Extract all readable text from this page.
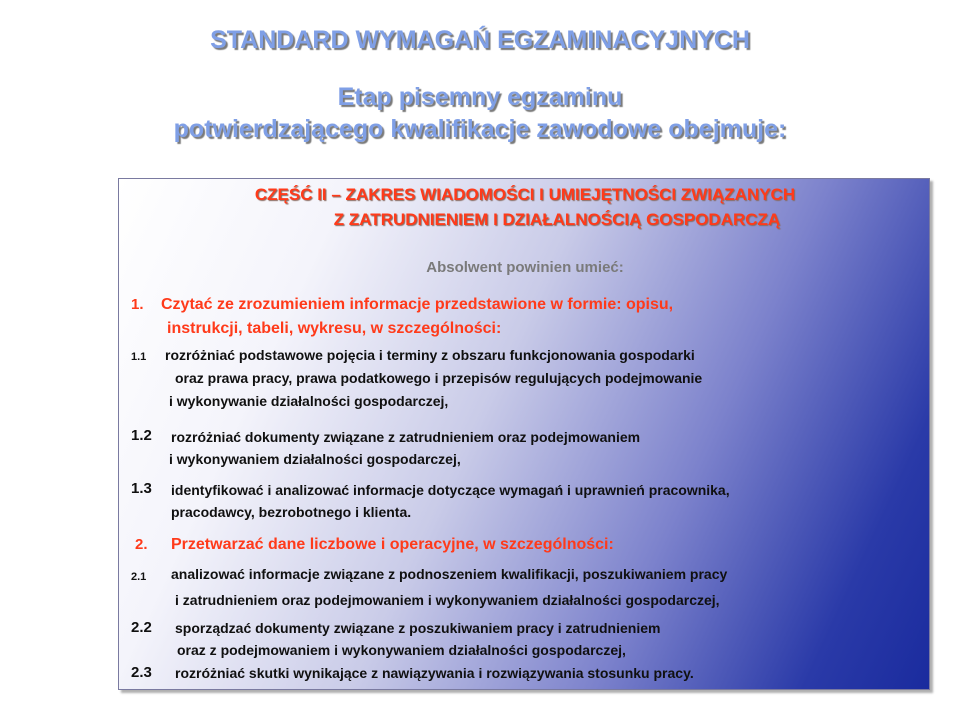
STANDARD WYMAGAŃ EGZAMINACYJNYCH
Etap pisemny egzaminu
potwierdzającego kwalifikacje zawodowe obejmuje:

CZĘŚĆ II – ZAKRES WIADOMOŚCI I UMIEJĘTNOŚCI ZWIĄZANYCH

Z ZATRUDNIENIEM I DZIAŁALNOŚCIĄ GOSPODARCZĄ

Absolwent powinien umieć:

1. Czytać ze zrozumieniem informacje przedstawione w formie: opisu,

instrukcji, tabeli, wykresu, w szczególności:

1.1 rozróżniać podstawowe pojęcia i terminy z obszaru funkcjonowania gospodarki

oraz prawa pracy, prawa podatkowego i przepisów regulujących podejmowanie

i wykonywanie działalności gospodarczej,

1.2 rozróżniać dokumenty związane z zatrudnieniem oraz podejmowaniem

i wykonywaniem działalności gospodarczej,

1.3 identyfikować i analizować informacje dotyczące wymagań i uprawnień pracownika,

pracodawcy, bezrobotnego i klienta.

2. Przetwarzać dane liczbowe i operacyjne, w szczególności:

2.1 analizować informacje związane z podnoszeniem kwalifikacji, poszukiwaniem pracy

i zatrudnieniem oraz podejmowaniem i wykonywaniem działalności gospodarczej,

2.2 sporządzać dokumenty związane z poszukiwaniem pracy i zatrudnieniem

oraz z podejmowaniem i wykonywaniem działalności gospodarczej,

2.3 rozróżniać skutki wynikające z nawiązywania i rozwiązywania stosunku pracy.
